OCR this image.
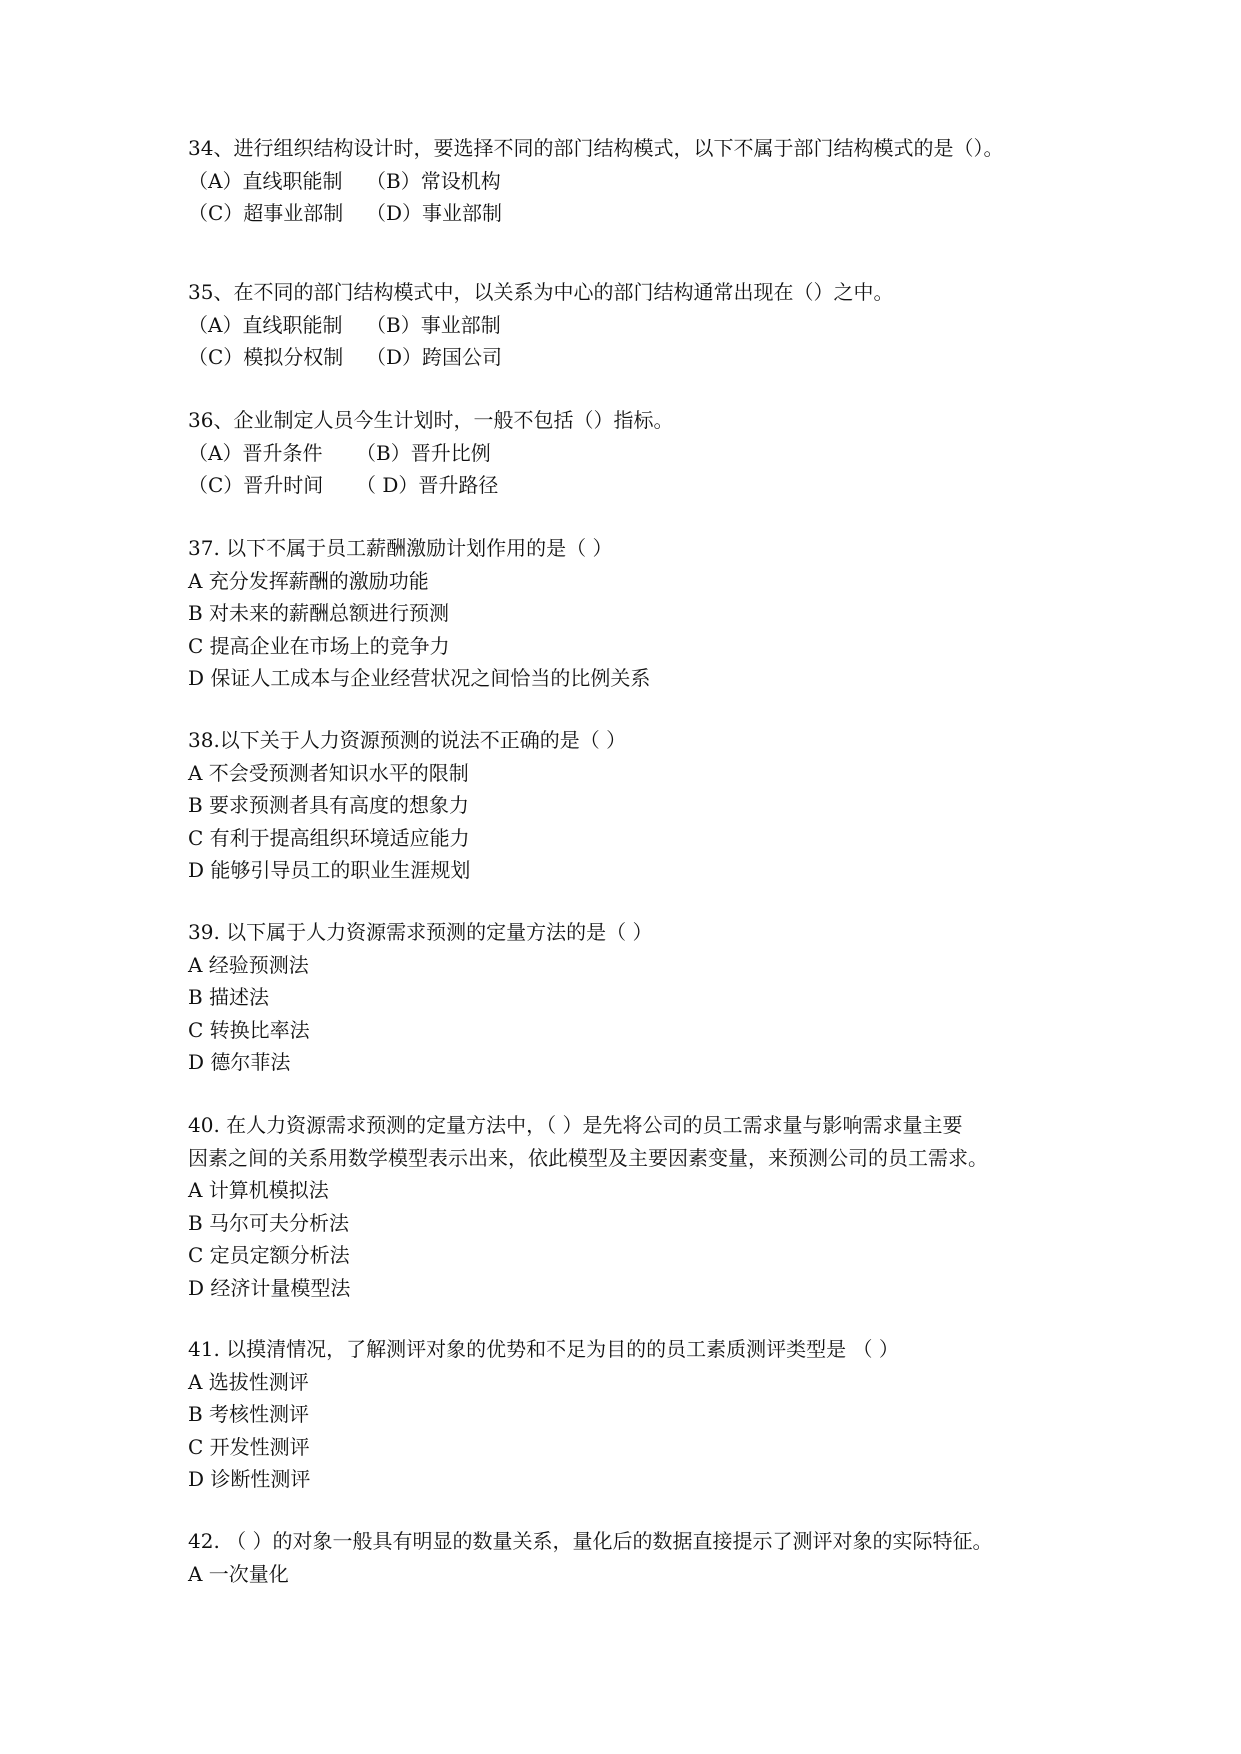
34、进行组织结构设计时，要选择不同的部门结构模式，以下不属于部门结构模式的是（）。
（A）直线职能制 （B）常设机构
（C）超事业部制 （D）事业部制
35、在不同的部门结构模式中，以关系为中心的部门结构通常出现在（）之中。
（A）直线职能制 （B）事业部制
（C）模拟分权制 （D）跨国公司
36、企业制定人员今生计划时，一般不包括（）指标。
（A）晋升条件 （B）晋升比例
（C）晋升时间 （ D）晋升路径
37. 以下不属于员工薪酬激励计划作用的是（ ）
A 充分发挥薪酬的激励功能
B 对未来的薪酬总额进行预测
C 提高企业在市场上的竞争力
D 保证人工成本与企业经营状况之间恰当的比例关系
38.以下关于人力资源预测的说法不正确的是（ ）
A 不会受预测者知识水平的限制
B 要求预测者具有高度的想象力
C 有利于提高组织环境适应能力
D 能够引导员工的职业生涯规划
39. 以下属于人力资源需求预测的定量方法的是（ ）
A 经验预测法
B 描述法
C 转换比率法
D 德尔菲法
40. 在人力资源需求预测的定量方法中，（ ）是先将公司的员工需求量与影响需求量主要
因素之间的关系用数学模型表示出来，依此模型及主要因素变量，来预测公司的员工需求。
A 计算机模拟法
B 马尔可夫分析法
C 定员定额分析法
D 经济计量模型法
41. 以摸清情况，了解测评对象的优势和不足为目的的员工素质测评类型是 （ ）
A 选拔性测评
B 考核性测评
C 开发性测评
D 诊断性测评
42. （ ）的对象一般具有明显的数量关系，量化后的数据直接提示了测评对象的实际特征。
A 一次量化
